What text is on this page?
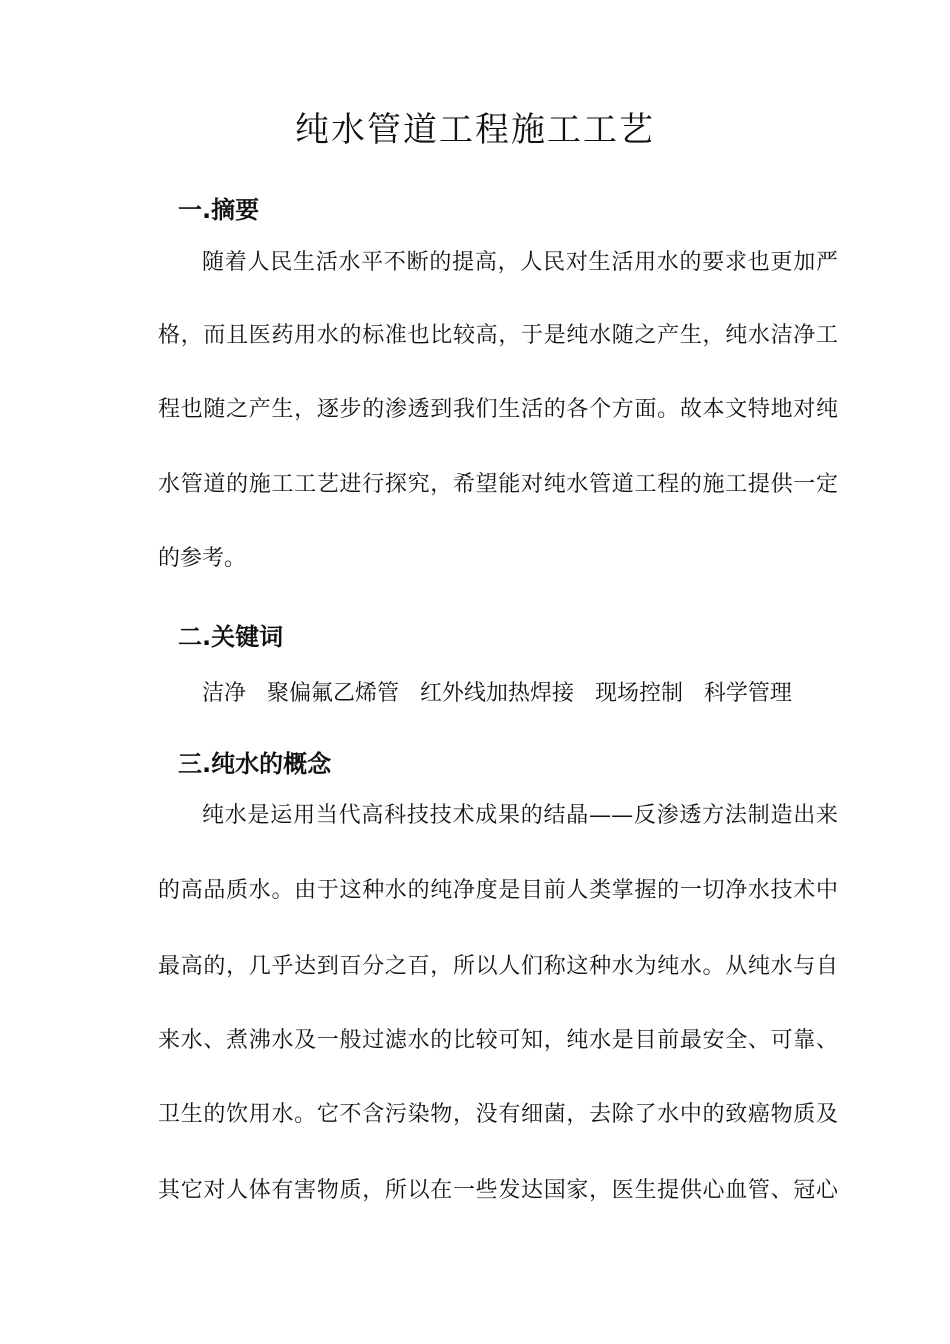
纯水管道工程施工工艺
一.摘要
随着人民生活水平不断的提高，人民对生活用水的要求也更加严
格，而且医药用水的标准也比较高，于是纯水随之产生，纯水洁净工
程也随之产生，逐步的渗透到我们生活的各个方面。故本文特地对纯
水管道的施工工艺进行探究，希望能对纯水管道工程的施工提供一定
的参考。
二.关键词
洁净   聚偏氟乙烯管   红外线加热焊接   现场控制   科学管理
三.纯水的概念
纯水是运用当代高科技技术成果的结晶——反渗透方法制造出来
的高品质水。由于这种水的纯净度是目前人类掌握的一切净水技术中
最高的，几乎达到百分之百，所以人们称这种水为纯水。从纯水与自
来水、煮沸水及一般过滤水的比较可知，纯水是目前最安全、可靠、
卫生的饮用水。它不含污染物，没有细菌，去除了水中的致癌物质及
其它对人体有害物质，所以在一些发达国家，医生提供心血管、冠心
